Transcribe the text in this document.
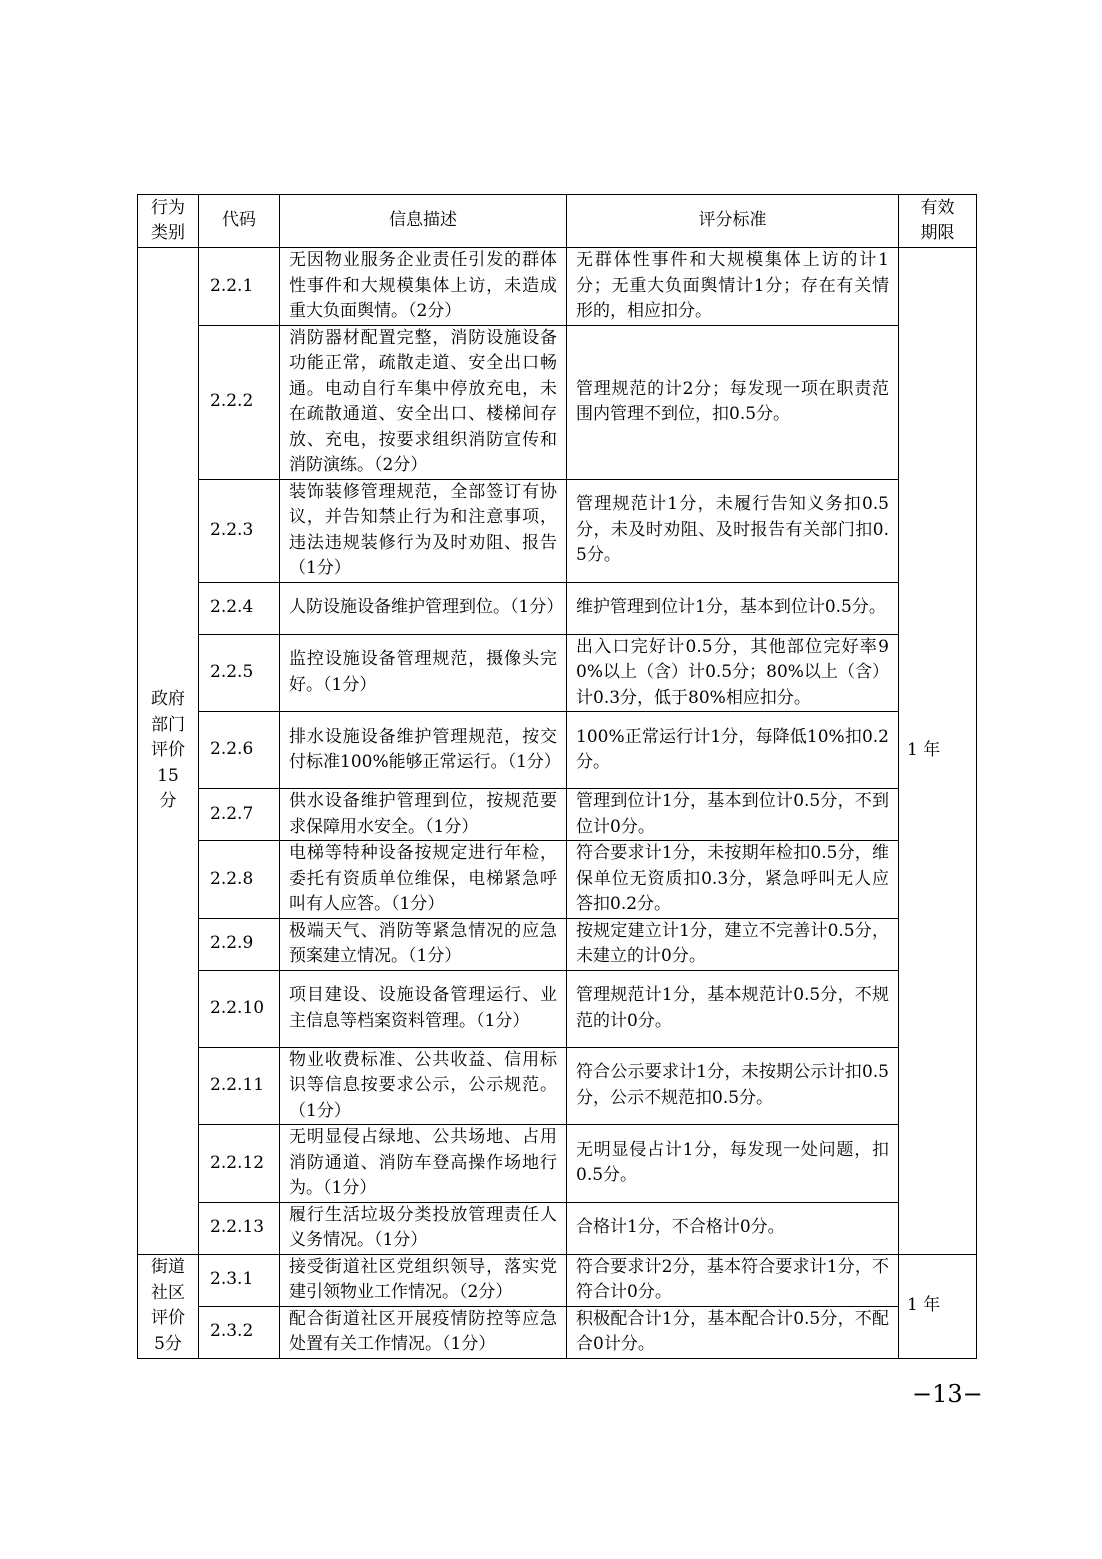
行为类别	代码	信息描述	评分标准	有效期限
政府部门评价15分	2.2.1	无因物业服务企业责任引发的群体性事件和大规模集体上访，未造成重大负面舆情。（2分）	无群体性事件和大规模集体上访的计1分；无重大负面舆情计1分；存在有关情形的，相应扣分。	1 年
	2.2.2	消防器材配置完整，消防设施设备功能正常，疏散走道、安全出口畅通。电动自行车集中停放充电，未在疏散通道、安全出口、楼梯间存放、充电，按要求组织消防宣传和消防演练。（2分）	管理规范的计2分；每发现一项在职责范围内管理不到位，扣0.5分。	
	2.2.3	装饰装修管理规范，全部签订有协议，并告知禁止行为和注意事项，违法违规装修行为及时劝阻、报告（1分）	管理规范计1分，未履行告知义务扣0.5分，未及时劝阻、及时报告有关部门扣0.5分。	
	2.2.4	人防设施设备维护管理到位。（1分）	维护管理到位计1分，基本到位计0.5分。	
	2.2.5	监控设施设备管理规范，摄像头完好。（1分）	出入口完好计0.5分，其他部位完好率90%以上（含）计0.5分；80%以上（含）计0.3分，低于80%相应扣分。	
	2.2.6	排水设施设备维护管理规范，按交付标准100%能够正常运行。（1分）	100%正常运行计1分，每降低10%扣0.2分。	
	2.2.7	供水设备维护管理到位，按规范要求保障用水安全。（1分）	管理到位计1分，基本到位计0.5分，不到位计0分。	
	2.2.8	电梯等特种设备按规定进行年检，委托有资质单位维保，电梯紧急呼叫有人应答。（1分）	符合要求计1分，未按期年检扣0.5分，维保单位无资质扣0.3分，紧急呼叫无人应答扣0.2分。	
	2.2.9	极端天气、消防等紧急情况的应急预案建立情况。（1分）	按规定建立计1分，建立不完善计0.5分，未建立的计0分。	
	2.2.10	项目建设、设施设备管理运行、业主信息等档案资料管理。（1分）	管理规范计1分，基本规范计0.5分，不规范的计0分。	
	2.2.11	物业收费标准、公共收益、信用标识等信息按要求公示，公示规范。（1分）	符合公示要求计1分，未按期公示计扣0.5分，公示不规范扣0.5分。	
	2.2.12	无明显侵占绿地、公共场地、占用消防通道、消防车登高操作场地行为。（1分）	无明显侵占计1分，每发现一处问题，扣0.5分。	
	2.2.13	履行生活垃圾分类投放管理责任人义务情况。（1分）	合格计1分，不合格计0分。	
街道社区评价5分	2.3.1	接受街道社区党组织领导，落实党建引领物业工作情况。（2分）	符合要求计2分，基本符合要求计1分，不符合计0分。	1 年
	2.3.2	配合街道社区开展疫情防控等应急处置有关工作情况。（1分）	积极配合计1分，基本配合计0.5分，不配合0计分。	
−13−
